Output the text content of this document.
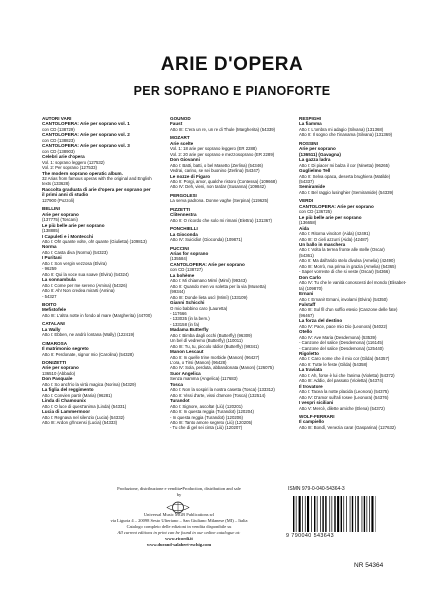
ARIE D'OPERA
PER SOPRANO E PIANOFORTE
AUTORI VARI
CANTOLOPERA: Arie per soprano vol. 1
con CD (138729)
CANTOLOPERA: Arie per soprano vol. 2
con CD (138823)
CANTOLOPERA: Arie per soprano vol. 3
con CD (138903)
Celebri arie d'opera
Vol. 1: soprano leggero (127532)
Vol. 2: Per soprano (127533)
The modern soprano operatic album.
32 Arias from famous operas with the original and English
texts (133628)
Raccolta graduata di arie d'opera per soprano per
il primi anni di studio
127900 (Pozzoli)
BELLINI
Arie per soprano
(137775) (Toscani)
Le più belle arie per soprano
(138885)
I Capuleti e i Montecchi
Atto I: Oh! quante volte, oh! quante (Giulietta) (109813)
Norma
Atto I: Casta diva (Norma) (54323)
I Puritani
Atto I: Son vergin vezzosa (Elvira)
- 96259
Atto II: Qui la voce sua soave (Elvira) (54324)
La sonnambula
Atto I: Come per me sereno (Amina) (54326)
Atto II: Ah! Non credea mirarti (Amina)
- 54327
BOITO
Mefistofele
Atto III: L'altra notte in fondo al mare (Margherita) (44700)
CATALANI
La Wally
Atto I: Ebben, ne andrò lontana (Wally) (122419)
CIMAROSA
Il matrimonio segreto
Atto II: Perdonate, signor mio (Carolina) (54328)
DONIZETTI
Arie per soprano
136510 (Abbado)
Don Pasquale
Atto I: So anch'io la virtù magica (Norina) (54329)
La figlia del reggimento
Atto I: Convien partir (Maria) (96281)
Linda di Chamounix
Atto I: O luce di quest'anima (Linda) (54331)
Lucia di Lammermoor
Atto I: Regnava nel silenzio (Lucia) (54332)
Atto III: Ardon gl'incensi (Lucia) (54333)
GOUNOD
Faust
Atto III: C'era un re, un re di Thule (Margherita) (54339)
MOZART
Arie scelte
Vol. 1: 18 arie per soprano leggero (ER 2288)
Vol. 2: 20 arie per soprano e mezzosoprano (ER 2289)
Don Giovanni
Atto I: Batti, batti, o bel Masetto (Zerlina) (54346)
Vedrai, carino, se sei buonino (Zerlina) (54347)
Le nozze di Figaro
Atto II: Porgi, amor, qualche ristoro (Contessa) (109668)
Atto IV: Deh, vieni, non tardar (Susanna) (109842)
PERGOLESI
La serva padrona. Donne vaghe (Serpina) (119625)
PIZZETTI
Clitennestra
Atto II: O ricordo che solo mi rimani (Elettra) (131367)
PONCHIELLI
La Gioconda
Atto IV: Suicidio! (Gioconda) (109871)
PUCCINI
Arias for soprano
(135584)
CANTOLOPERA: Arie per soprano
con CD (138727)
La bohème
Atto I: Mi chiamano Mimì (Mimì) (99343)
Atto II: Quando men vo soletta per la via (Musetta)
(99344)
Atto III: Donde lieta uscì (Mimì) (133109)
Gianni Schicchi
O mio babbino caro (Lauretta)
- 117666
- 133035 (in la bem.)
- 133158 (in fa)
Madama Butterfly
Atto I: Bimba dagli occhi (Butterfly) (96309)
Un bel dì vedremo (Butterfly) (110011)
Atto III: Tu, tu, piccolo Iddio! (Butterfly) (99341)
Manon Lescaut
Atto II: In quelle trine morbide (Manon) (96427)
L'ora, o Tirsi (Manon) (96428)
Atto IV: Sola, perduta, abbandonata (Manon) (126075)
Suor Angelica
Senza mamma (Angelica) (117683)
Tosca
Atto I: Non la sospiri la nostra casetta (Tosca) (133312)
Atto II: Vissi d'arte, vissi d'amore (Tosca) (132514)
Turandot
Atto I: Signore, ascolta! (Liù) (120201)
Atto II: In questa reggia (Turandot) (120204)
- In questa reggia (Turandot) (120206)
Atto III: Tanto amore segreto (Liù) (120205)
- Tu che di gel sei cinta (Liù) (120207)
RESPIGHI
La fiamma
Atto I: L'ombra mi adagio (Silvana) (131368)
Atto II: Il sogno che t'inanama (Silvana) (131369)
ROSSINI
Arie per soprano
(136511) (Gavagna)
La gazza ladra
Atto I: Di piacer mi balza il cor (Ninetta) (96265)
Guglielmo Tell
Atto II: Selva opaca, deserta brughiera (Matilde)
(54337)
Semiramide
Atto I: Bel raggio lusinghier (Semiramide) (54339)
VERDI
CANTOLOPERA: Arie per soprano
con CD (136725)
Le più belle arie per soprano
(136658)
Aida
Atto I: Ritorna vincitor! (Aida) (42491)
Atto III: O cieli azzurri (Aida) (42487)
Un ballo in maschera
Atto I: Volta la terrea fronte alle stelle (Oscar)
(54361)
Atto II: Ma dall'arido stelo divulsa (Amelia) (42490)
Atto III: Morrò, ma prima in grazia (Amelia) (54365)
- Saper vorreste di che si veste (Oscar) (54366)
Don Carlo
Atto IV: Tu che le vanità conoscesti del mondo (Elisabet-
ta) (109870)
Ernani
Atto I: Ernani! Ernani, involami (Elvira) (54350)
Falstaff
Atto III: Sul fil d'un soffio etesio (Canzone delle fate)
(96467)
La forza del destino
Atto IV: Pace, pace mio Dio (Leonora) (54022)
Otello
Atto IV: Ave Maria (Desdemona) (53539)
- Canzone del salice (Desdemona) (116145)
- Canzone del salice (Desdemona) (125440)
Rigoletto
Atto I: Caro nome che il mio cor (Gilda) (54357)
Atto II: Tutte le feste (Gilda) (54358)
La traviata
Atto I: Ah, forse è lui che l'anima (Violetta) (54372)
Atto III: Addio, del passato (Violetta) (54374)
Il trovatore
Atto I: Tacea la notte placida (Leonora) (54375)
Atto IV: D'amor sull'ali rosee (Leonora) (54376)
I vespri siciliani
Atto V: Mercè, dilette amiche (Elena) (54372)
WOLF-FERRARI
Il campiello
Atto III: Bondì, Venezia cara! (Gasparina) (127632)
Produzione, distribuzione e vendita•Production, distribution and sale
by
Universal Music MGB Publications srl
via Liguria 4 – 20098 Sesto Ulteriano – San Giuliano Milanese (MI) – Italia
Catalogo completo delle edizioni in vendita disponibile su
All current editions in print can be found in our online catalogue at:
www.ricordi.it
www.durand-salabert-eschig.com
ISMN 979-0-040-54364-3
9 790040 543643
NR 54364
